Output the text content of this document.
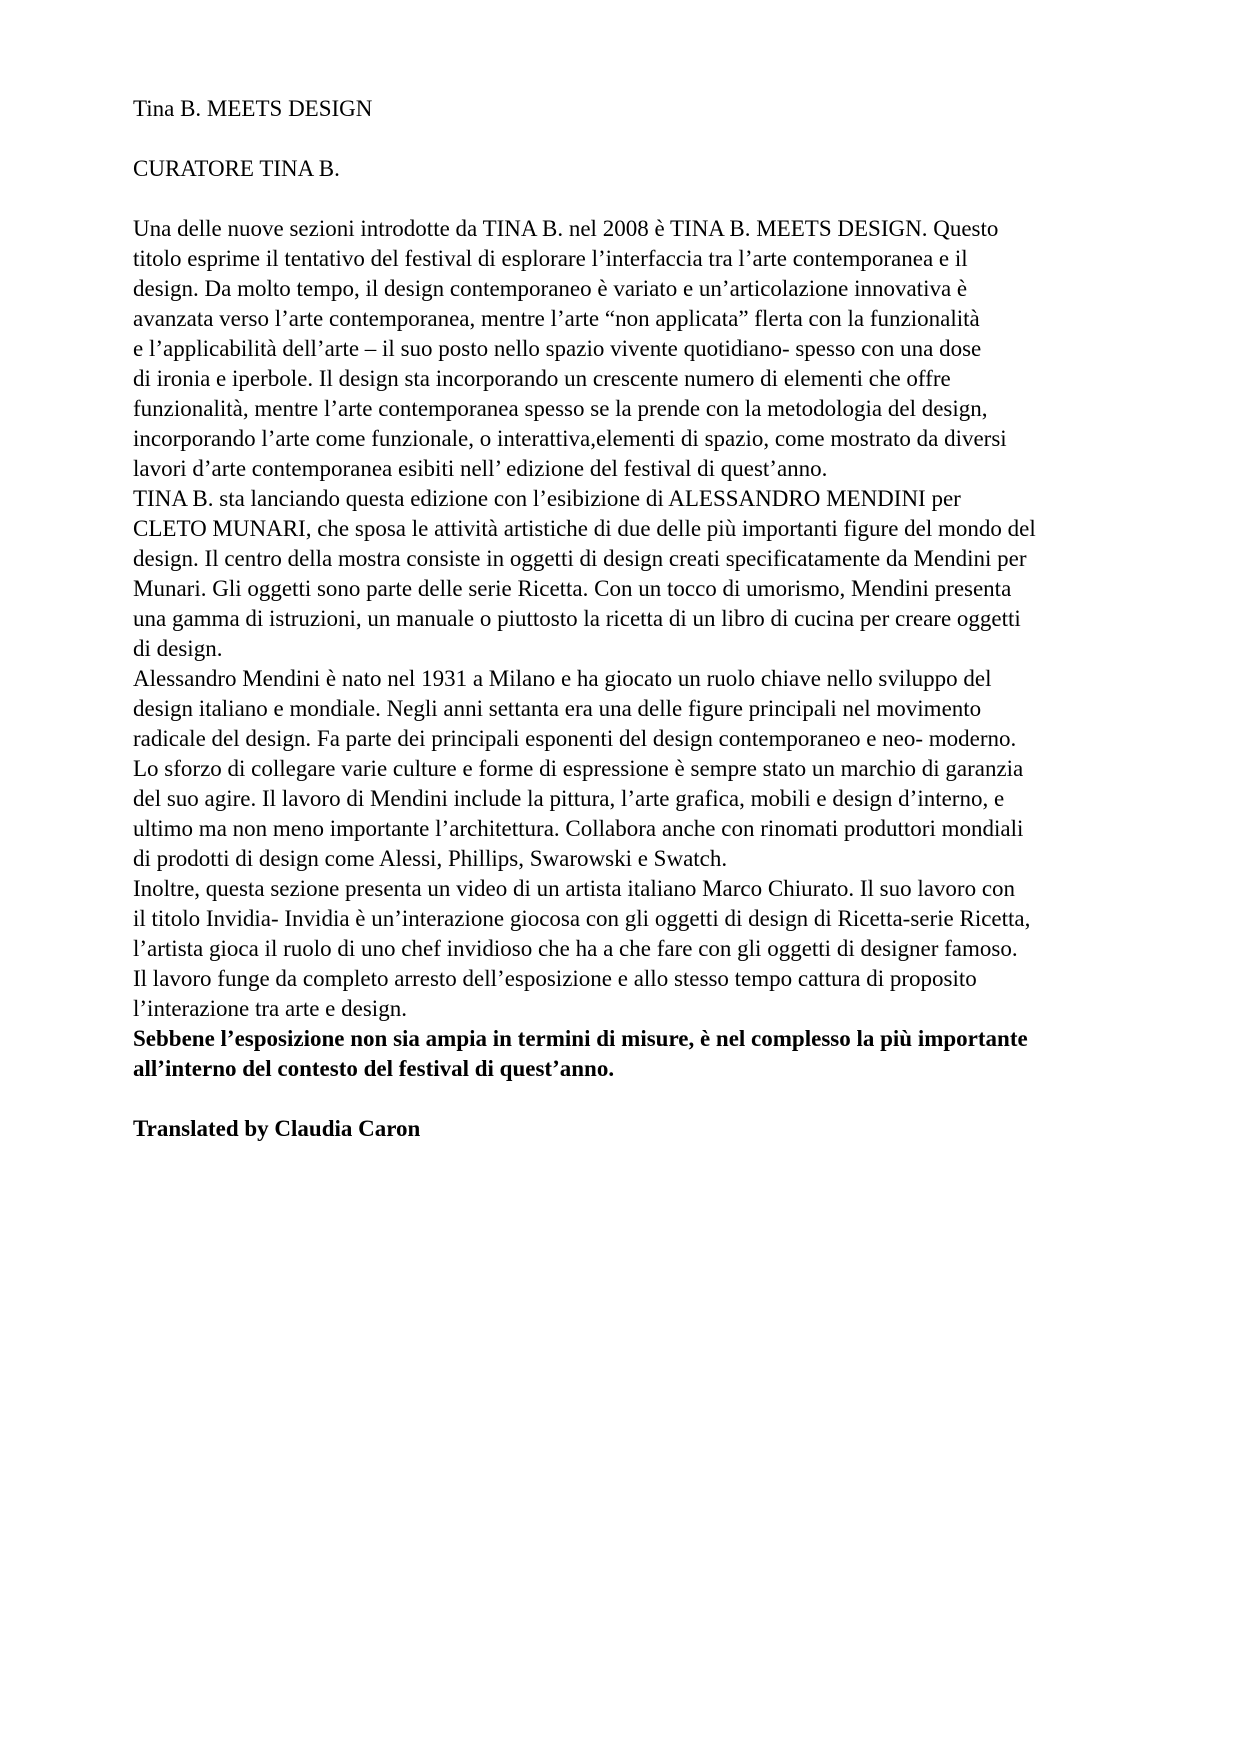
Tina B. MEETS DESIGN
CURATORE TINA B.
Una delle nuove sezioni introdotte da TINA B. nel 2008 è TINA B. MEETS DESIGN. Questo
titolo esprime il tentativo del festival di esplorare l’interfaccia tra l’arte contemporanea e il
design. Da molto tempo, il design contemporaneo è variato e un’articolazione innovativa è
avanzata verso l’arte contemporanea, mentre l’arte “non applicata” flerta con la funzionalità
e l’applicabilità dell’arte – il suo posto nello spazio vivente quotidiano- spesso con una dose
di ironia e iperbole. Il design sta incorporando un crescente numero di elementi che offre
funzionalità, mentre l’arte contemporanea spesso se la prende con la metodologia del design,
incorporando l’arte come funzionale, o interattiva,elementi di spazio, come mostrato da diversi
lavori d’arte contemporanea esibiti nell’ edizione del festival di quest’anno.
TINA B. sta lanciando questa edizione con l’esibizione di ALESSANDRO MENDINI per
CLETO MUNARI, che sposa le attività artistiche di due delle più importanti figure del mondo del
design. Il centro della mostra consiste in oggetti di design creati specificatamente da Mendini per
Munari. Gli oggetti sono parte delle serie Ricetta. Con un tocco di umorismo, Mendini presenta
una gamma di istruzioni, un manuale o piuttosto la ricetta di un libro di cucina per creare oggetti
di design.
Alessandro Mendini è nato nel 1931 a Milano e ha giocato un ruolo chiave nello sviluppo del
design italiano e mondiale. Negli anni settanta era una delle figure principali nel movimento
radicale del design. Fa parte dei principali esponenti del design contemporaneo e neo- moderno.
Lo sforzo di collegare varie culture e forme di espressione è sempre stato un marchio di garanzia
del suo agire. Il lavoro di Mendini include la pittura, l’arte grafica, mobili e design d’interno, e
ultimo ma non meno importante l’architettura. Collabora anche con rinomati produttori mondiali
di prodotti di design come Alessi, Phillips, Swarowski e Swatch.
Inoltre, questa sezione presenta un video di un artista italiano Marco Chiurato. Il suo lavoro con
il titolo Invidia- Invidia è un’interazione giocosa con gli oggetti di design di Ricetta-serie Ricetta,
l’artista gioca il ruolo di uno chef invidioso che ha a che fare con gli oggetti di designer famoso.
Il lavoro funge da completo arresto dell’esposizione e allo stesso tempo cattura di proposito
l’interazione tra arte e design.
Sebbene l’esposizione non sia ampia in termini di misure, è nel complesso la più importante
all’interno del contesto del festival di quest’anno.
Translated by Claudia Caron
